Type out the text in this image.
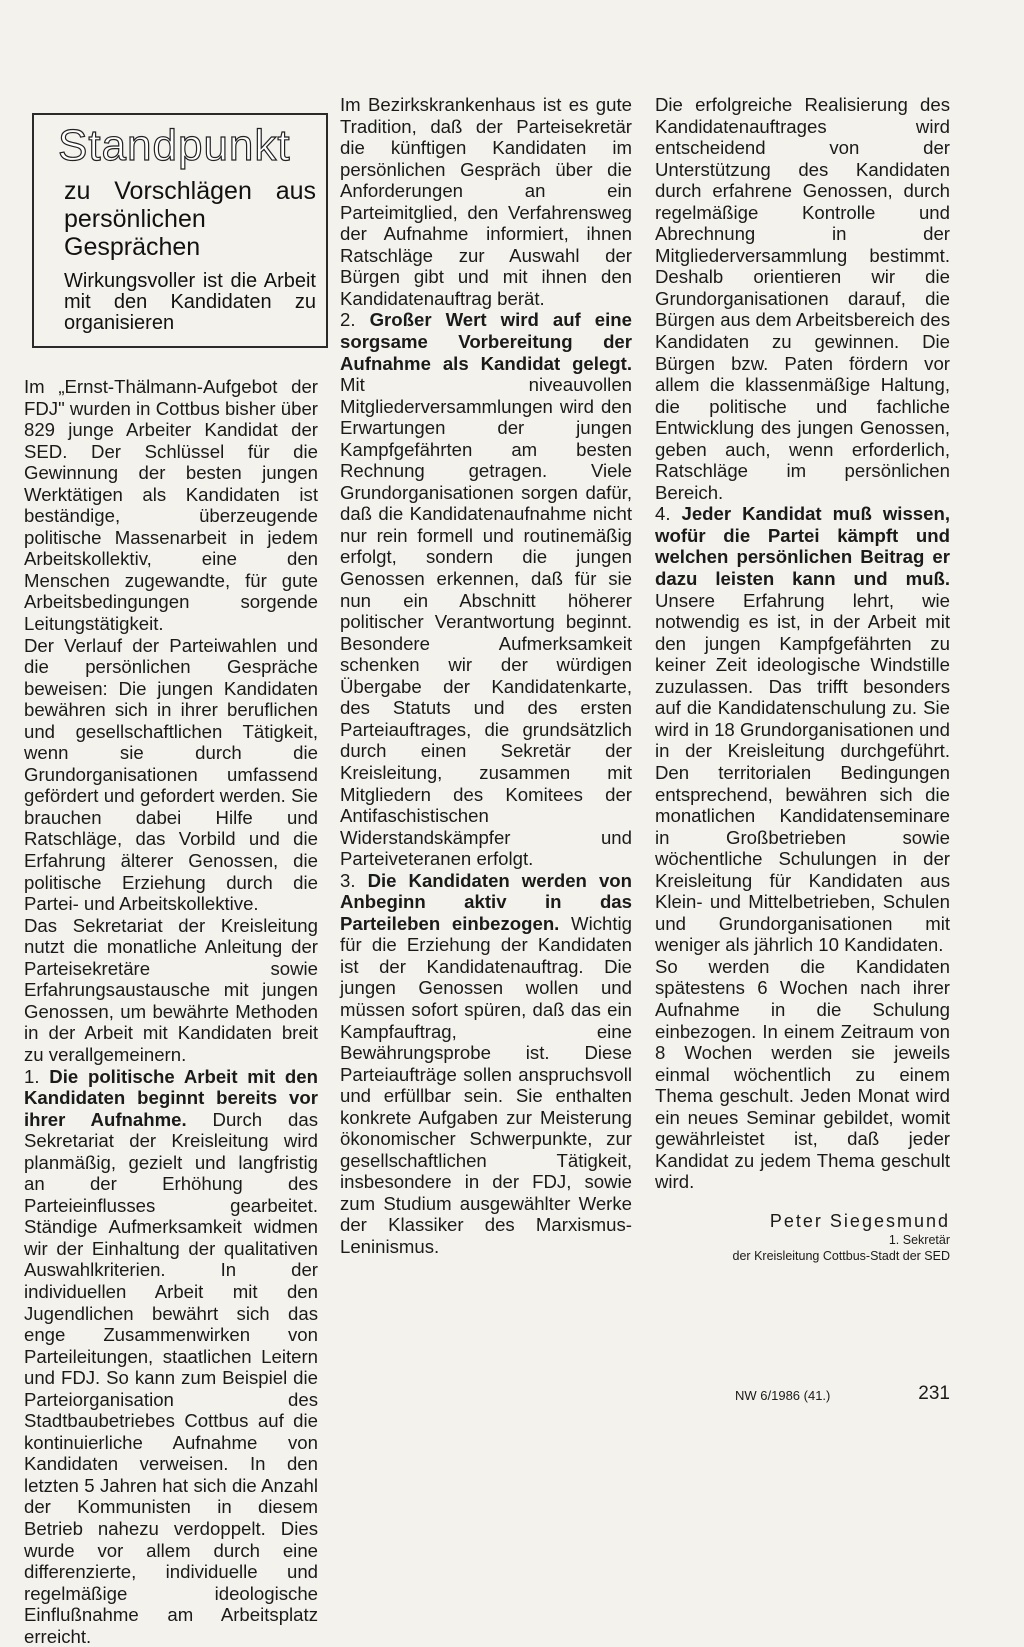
Standpunkt
zu Vorschlägen aus persönlichen Gesprächen
Wirkungsvoller ist die Arbeit mit den Kandidaten zu organisieren

Im „Ernst-Thälmann-Aufgebot der FDJ" wurden in Cottbus bisher über 829 junge Arbeiter Kandidat der SED. Der Schlüssel für die Gewinnung der besten jungen Werktätigen als Kandidaten ist beständige, überzeugende politische Massenarbeit in jedem Arbeitskollektiv, eine den Menschen zugewandte, für gute Arbeitsbedingungen sorgende Leitungstätigkeit.

Der Verlauf der Parteiwahlen und die persönlichen Gespräche beweisen: Die jungen Kandidaten bewähren sich in ihrer beruflichen und gesellschaftlichen Tätigkeit, wenn sie durch die Grundorganisationen umfassend gefördert und gefordert werden. Sie brauchen dabei Hilfe und Ratschläge, das Vorbild und die Erfahrung älterer Genossen, die politische Erziehung durch die Partei- und Arbeitskollektive.

Das Sekretariat der Kreisleitung nutzt die monatliche Anleitung der Parteisekretäre sowie Erfahrungsaustausche mit jungen Genossen, um bewährte Methoden in der Arbeit mit Kandidaten breit zu verallgemeinern.

1. Die politische Arbeit mit den Kandidaten beginnt bereits vor ihrer Aufnahme. Durch das Sekretariat der Kreisleitung wird planmäßig, gezielt und langfristig an der Erhöhung des Parteieinflusses gearbeitet. Ständige Aufmerksamkeit widmen wir der Einhaltung der qualitativen Auswahlkriterien. In der individuellen Arbeit mit den Jugendlichen bewährt sich das enge Zusammenwirken von Parteileitungen, staatlichen Leitern und FDJ. So kann zum Beispiel die Parteiorganisation des Stadtbaubetriebes Cottbus auf die kontinuierliche Aufnahme von Kandidaten verweisen. In den letzten 5 Jahren hat sich die Anzahl der Kommunisten in diesem Betrieb nahezu verdoppelt. Dies wurde vor allem durch eine differenzierte, individuelle und regelmäßige ideologische Einflußnahme am Arbeitsplatz erreicht.

Im Bezirkskrankenhaus ist es gute Tradition, daß der Parteisekretär die künftigen Kandidaten im persönlichen Gespräch über die Anforderungen an ein Parteimitglied, den Verfahrensweg der Aufnahme informiert, ihnen Ratschläge zur Auswahl der Bürgen gibt und mit ihnen den Kandidatenauftrag berät.

2. Großer Wert wird auf eine sorgsame Vorbereitung der Aufnahme als Kandidat gelegt. Mit niveauvollen Mitgliederversammlungen wird den Erwartungen der jungen Kampfgefährten am besten Rechnung getragen. Viele Grundorganisationen sorgen dafür, daß die Kandidatenaufnahme nicht nur rein formell und routinemäßig erfolgt, sondern die jungen Genossen erkennen, daß für sie nun ein Abschnitt höherer politischer Verantwortung beginnt. Besondere Aufmerksamkeit schenken wir der würdigen Übergabe der Kandidatenkarte, des Statuts und des ersten Parteiauftrages, die grundsätzlich durch einen Sekretär der Kreisleitung, zusammen mit Mitgliedern des Komitees der Antifaschistischen Widerstandskämpfer und Parteiveteranen erfolgt.

3. Die Kandidaten werden von Anbeginn aktiv in das Parteileben einbezogen. Wichtig für die Erziehung der Kandidaten ist der Kandidatenauftrag. Die jungen Genossen wollen und müssen sofort spüren, daß das ein Kampfauftrag, eine Bewährungsprobe ist. Diese Parteiaufträge sollen anspruchsvoll und erfüllbar sein. Sie enthalten konkrete Aufgaben zur Meisterung ökonomischer Schwerpunkte, zur gesellschaftlichen Tätigkeit, insbesondere in der FDJ, sowie zum Studium ausgewählter Werke der Klassiker des Marxismus-Leninismus.

Die erfolgreiche Realisierung des Kandidatenauftrages wird entscheidend von der Unterstützung des Kandidaten durch erfahrene Genossen, durch regelmäßige Kontrolle und Abrechnung in der Mitgliederversammlung bestimmt. Deshalb orientieren wir die Grundorganisationen darauf, die Bürgen aus dem Arbeitsbereich des Kandidaten zu gewinnen. Die Bürgen bzw. Paten fördern vor allem die klassenmäßige Haltung, die politische und fachliche Entwicklung des jungen Genossen, geben auch, wenn erforderlich, Ratschläge im persönlichen Bereich.

4. Jeder Kandidat muß wissen, wofür die Partei kämpft und welchen persönlichen Beitrag er dazu leisten kann und muß. Unsere Erfahrung lehrt, wie notwendig es ist, in der Arbeit mit den jungen Kampfgefährten zu keiner Zeit ideologische Windstille zuzulassen. Das trifft besonders auf die Kandidatenschulung zu. Sie wird in 18 Grundorganisationen und in der Kreisleitung durchgeführt. Den territorialen Bedingungen entsprechend, bewähren sich die monatlichen Kandidatenseminare in Großbetrieben sowie wöchentliche Schulungen in der Kreisleitung für Kandidaten aus Klein- und Mittelbetrieben, Schulen und Grundorganisationen mit weniger als jährlich 10 Kandidaten.

So werden die Kandidaten spätestens 6 Wochen nach ihrer Aufnahme in die Schulung einbezogen. In einem Zeitraum von 8 Wochen werden sie jeweils einmal wöchentlich zu einem Thema geschult. Jeden Monat wird ein neues Seminar gebildet, womit gewährleistet ist, daß jeder Kandidat zu jedem Thema geschult wird.

Peter Siegesmund
1. Sekretär
der Kreisleitung Cottbus-Stadt der SED
NW 6/1986 (41.)	231
